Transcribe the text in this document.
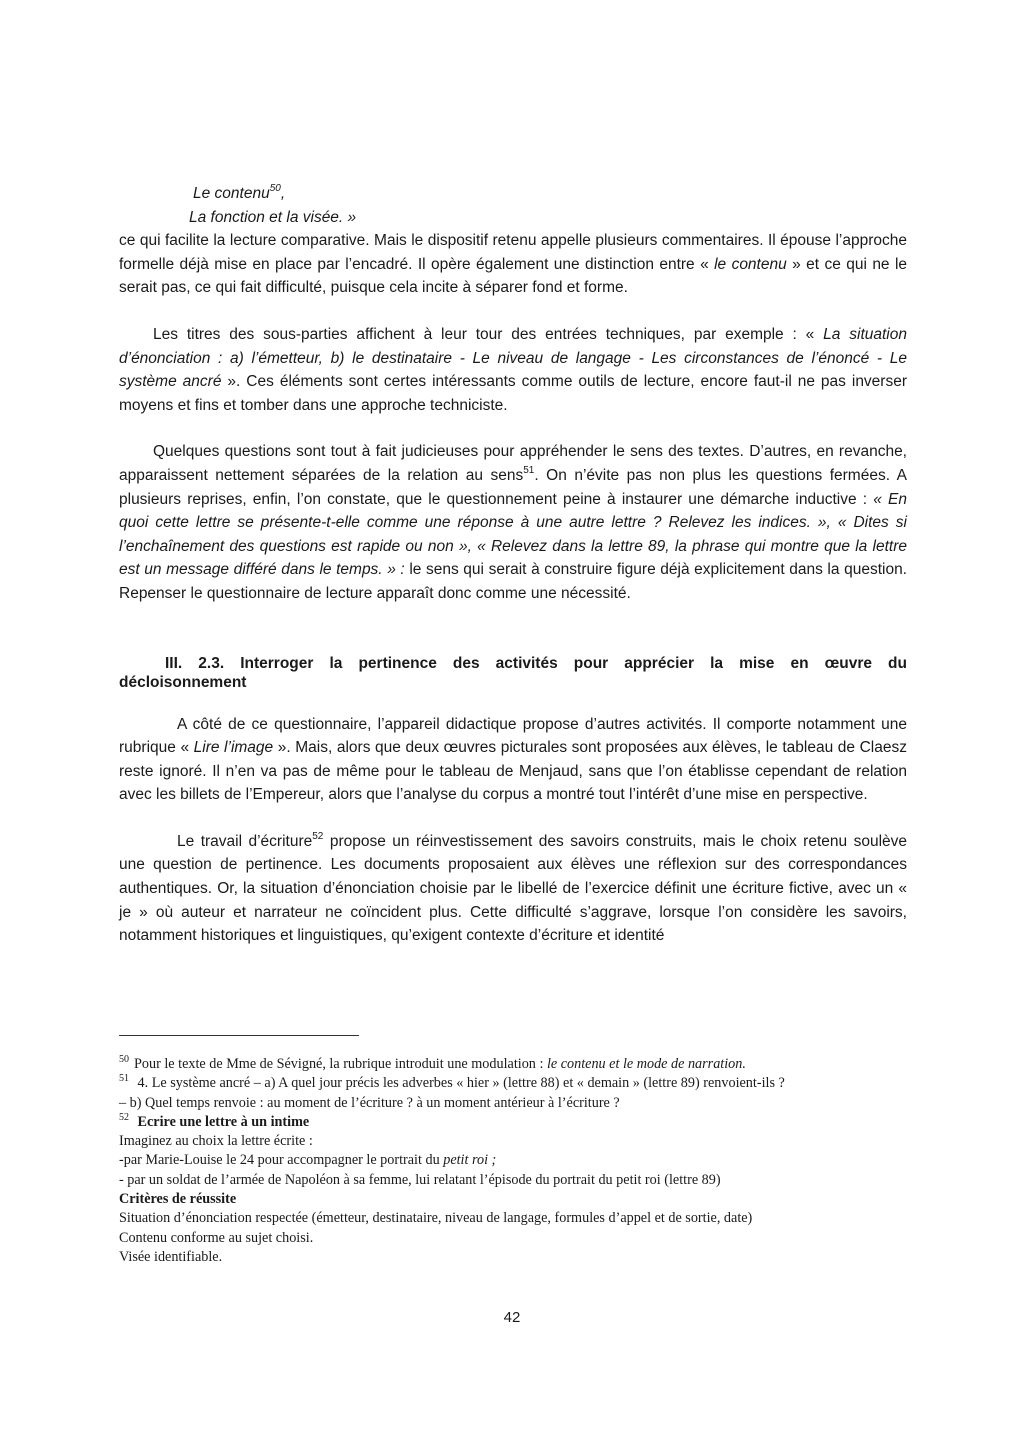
Le contenu$^{50}$,

La fonction et la visée. »

ce qui facilite la lecture comparative. Mais le dispositif retenu appelle plusieurs commentaires. Il épouse l’approche formelle déjà mise en place par l’encadré. Il opère également une distinction entre « le contenu » et ce qui ne le serait pas, ce qui fait difficulté, puisque cela incite à séparer fond et forme.

Les titres des sous-parties affichent à leur tour des entrées techniques, par exemple : « La situation d’énonciation : a) l’émetteur, b) le destinataire - Le niveau de langage - Les circonstances de l’énoncé - Le système ancré ». Ces éléments sont certes intéressants comme outils de lecture, encore faut-il ne pas inverser moyens et fins et tomber dans une approche techniciste.

Quelques questions sont tout à fait judicieuses pour appréhender le sens des textes. D’autres, en revanche, apparaissent nettement séparées de la relation au sens$^{51}$. On n’évite pas non plus les questions fermées. A plusieurs reprises, enfin, l’on constate, que le questionnement peine à instaurer une démarche inductive : « En quoi cette lettre se présente-t-elle comme une réponse à une autre lettre ? Relevez les indices. », « Dites si l’enchaînement des questions est rapide ou non », « Relevez dans la lettre 89, la phrase qui montre que la lettre est un message différé dans le temps. » : le sens qui serait à construire figure déjà explicitement dans la question. Repenser le questionnaire de lecture apparaît donc comme une nécessité.

III. 2.3. Interroger la pertinence des activités pour apprécier la mise en œuvre du
décloisonnement

A côté de ce questionnaire, l’appareil didactique propose d’autres activités. Il comporte notamment une rubrique « Lire l’image ». Mais, alors que deux œuvres picturales sont proposées aux élèves, le tableau de Claesz reste ignoré. Il n’en va pas de même pour le tableau de Menjaud, sans que l’on établisse cependant de relation avec les billets de l’Empereur, alors que l’analyse du corpus a montré tout l’intérêt d’une mise en perspective.

Le travail d’écriture$^{52}$ propose un réinvestissement des savoirs construits, mais le choix retenu soulève une question de pertinence. Les documents proposaient aux élèves une réflexion sur des correspondances authentiques. Or, la situation d’énonciation choisie par le libellé de l’exercice définit une écriture fictive, avec un « je » où auteur et narrateur ne coïncident plus. Cette difficulté s’aggrave, lorsque l’on considère les savoirs, notamment historiques et linguistiques, qu’exigent contexte d’écriture et identité

$^{50}$ Pour le texte de Mme de Sévigné, la rubrique introduit une modulation : le contenu et le mode de narration.

$^{51}$ 4. Le système ancré – a) A quel jour précis les adverbes « hier » (lettre 88) et « demain » (lettre 89) renvoient-ils ?

– b) Quel temps renvoie : au moment de l’écriture ? à un moment antérieur à l’écriture ?

$^{52}$ Ecrire une lettre à un intime

Imaginez au choix la lettre écrite :

-par Marie-Louise le 24 pour accompagner le portrait du petit roi ;

- par un soldat de l’armée de Napoléon à sa femme, lui relatant l’épisode du portrait du petit roi (lettre 89)

Critères de réussite

Situation d’énonciation respectée (émetteur, destinataire, niveau de langage, formules d’appel et de sortie, date)

Contenu conforme au sujet choisi.

Visée identifiable.

42
